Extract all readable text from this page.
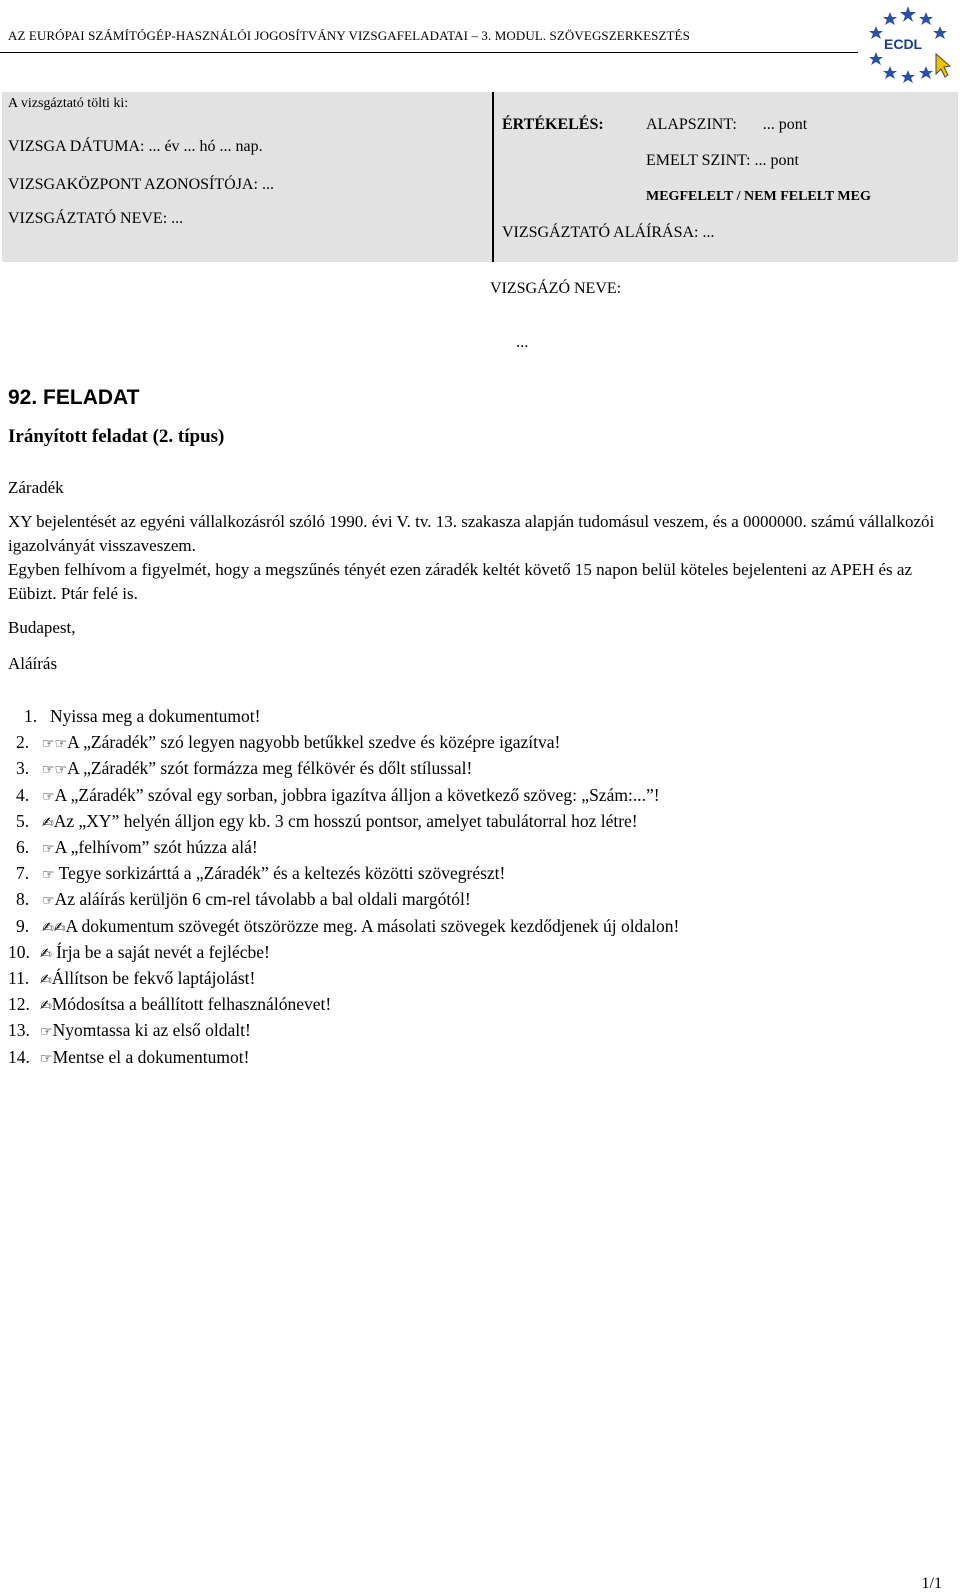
AZ EURÓPAI SZÁMÍTÓGÉP-HASZNÁLÓI JOGOSÍTVÁNY VIZSGAFELADATAI – 3. MODUL. SZÖVEGSZERKESZTÉS
ECDL
A vizsgáztató tölti ki:
VIZSGA DÁTUMA: ... év ... hó ... nap.
VIZSGAKÖZPONT AZONOSÍTÓJA: ...
VIZSGÁZTATÓ NEVE: ...
ÉRTÉKELÉS:	ALAPSZINT: ... pont
EMELT SZINT: ... pont
MEGFELELT / NEM FELELT MEG
VIZSGÁZTATÓ ALÁÍRÁSA: ...
VIZSGÁZÓ NEVE:
...
92. FELADAT
Irányított feladat (2. típus)

Záradék

XY bejelentését az egyéni vállalkozásról szóló 1990. évi V. tv. 13. szakasza alapján tudomásul veszem, és a 0000000. számú vállalkozói igazolványát visszaveszem.

Egyben felhívom a figyelmét, hogy a megszűnés tényét ezen záradék keltét követő 15 napon belül köteles bejelenteni az APEH és az Eübizt. Ptár felé is.

Budapest,

Aláírás

1. Nyissa meg a dokumentumot!
2. ☞☞A „Záradék” szó legyen nagyobb betűkkel szedve és középre igazítva!
3. ☞☞A „Záradék” szót formázza meg félkövér és dőlt stílussal!
4. ☞A „Záradék” szóval egy sorban, jobbra igazítva álljon a következő szöveg: „Szám:...”!
5. ✍Az „XY” helyén álljon egy kb. 3 cm hosszú pontsor, amelyet tabulátorral hoz létre!
6. ☞A „felhívom” szót húzza alá!
7. ☞ Tegye sorkizárttá a „Záradék” és a keltezés közötti szövegrészt!
8. ☞Az aláírás kerüljön 6 cm-rel távolabb a bal oldali margótól!
9. ✍✍A dokumentum szövegét ötszörözze meg. A másolati szövegek kezdődjenek új oldalon!
10. ✍ Írja be a saját nevét a fejlécbe!
11. ✍Állítson be fekvő laptájolást!
12. ✍Módosítsa a beállított felhasználónevet!
13. ☞Nyomtassa ki az első oldalt!
14. ☞Mentse el a dokumentumot!
1/1
